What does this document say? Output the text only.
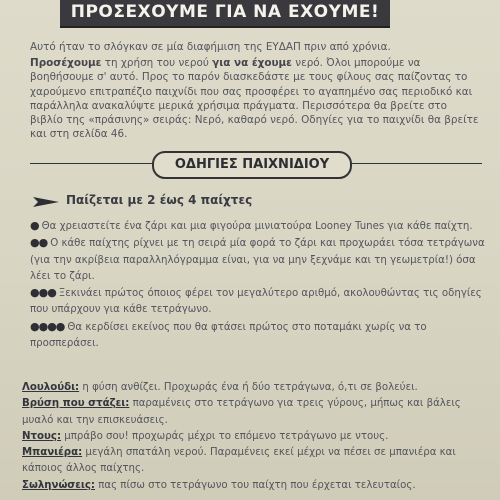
ΠΡΟΣΕΧΟΥΜΕ ΓΙΑ ΝΑ ΕΧΟΥΜΕ!

Αυτό ήταν το σλόγκαν σε μία διαφήμιση της ΕΥΔΑΠ πριν από χρόνια.

Προσέχουμε τη χρήση του νερού για να έχουμε νερό. Όλοι μπορούμε να βοηθήσουμε σ' αυτό. Προς το παρόν διασκεδάστε με τους φίλους σας παίζοντας το χαρούμενο επιτραπέζιο παιχνίδι που σας προσφέρει το αγαπημένο σας περιοδικό και παράλληλα ανακαλύψτε μερικά χρήσιμα πράγματα. Περισσότερα θα βρείτε στο βιβλίο της «πράσινης» σειράς: Νερό, καθαρό νερό. Οδηγίες για το παιχνίδι θα βρείτε και στη σελίδα 46.

ΟΔΗΓΙΕΣ ΠΑΙΧΝΙΔΙΟΥ
Παίζεται με 2 έως 4 παίχτες

● Θα χρειαστείτε ένα ζάρι και μια φιγούρα μινιατούρα Looney Tunes για κάθε παίχτη.

●● Ο κάθε παίχτης ρίχνει με τη σειρά μία φορά το ζάρι και προχωράει τόσα τετράγωνα (για την ακρίβεια παραλληλόγραμμα είναι, για να μην ξεχνάμε και τη γεωμετρία!) όσα λέει το ζάρι.

●●● Ξεκινάει πρώτος όποιος φέρει τον μεγαλύτερο αριθμό, ακολουθώντας τις οδηγίες που υπάρχουν για κάθε τετράγωνο.

●●●● Θα κερδίσει εκείνος που θα φτάσει πρώτος στο ποταμάκι χωρίς να το προσπεράσει.

Λουλούδι: η φύση ανθίζει. Προχωράς ένα ή δύο τετράγωνα, ό,τι σε βολεύει.

Βρύση που στάζει: παραμένεις στο τετράγωνο για τρεις γύρους, μήπως και βάλεις μυαλό και την επισκευάσεις.

Ντους: μπράβο σου! προχωράς μέχρι το επόμενο τετράγωνο με ντους.

Μπανιέρα: μεγάλη σπατάλη νερού. Παραμένεις εκεί μέχρι να πέσει σε μπανιέρα και κάποιος άλλος παίχτης.

Σωληνώσεις: πας πίσω στο τετράγωνο του παίχτη που έρχεται τελευταίος.
